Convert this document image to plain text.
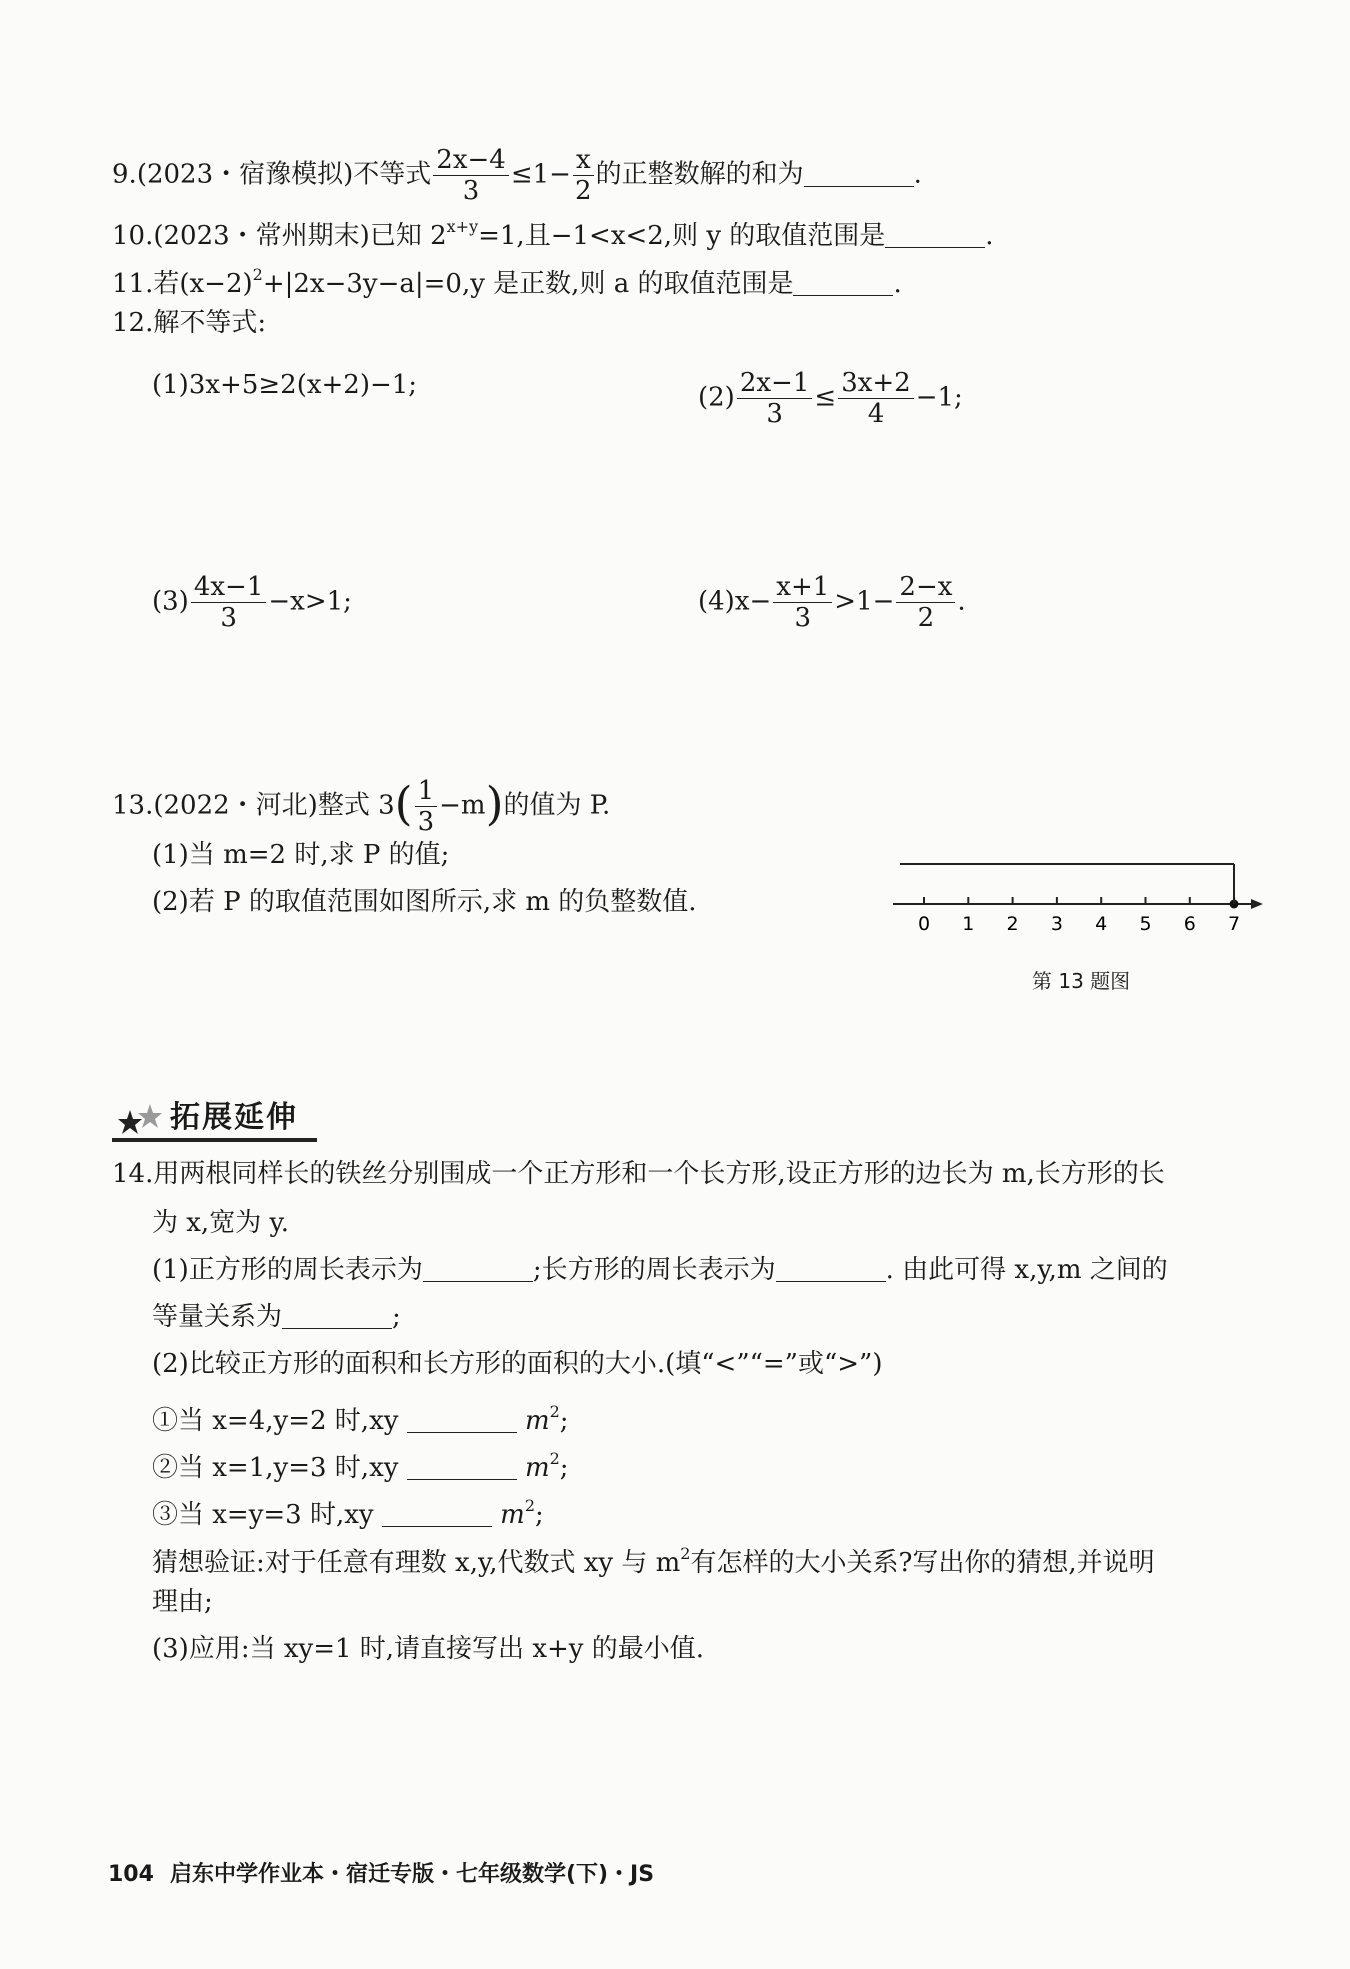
9.(2023・宿豫模拟)不等式 $\frac{2x-4}{3} \le 1- \frac{x}{2}$ 的正整数解的和为	.
10.(2023・常州期末)已知 $2^{x+y}=1$,且−1<x<2,则 y 的取值范围是	.
11.若$(x-2)^2+|2x-3y-a|=0,y$ 是正数,则 a 的取值范围是	.
12.解不等式:
(1)3x+5≥2(x+2)−1;	$(2) \frac{2x-1}{3} \le \frac{3x+2}{4} -1$;
$(3) \frac{4x-1}{3} -x>1$;	$(4)x- \frac{x+1}{3} >1- \frac{2-x}{2}$ .
13.(2022・河北)整式 $3( \frac{1}{3} -m)$的值为 P.
(1)当 m=2 时,求 P 的值;
(2)若 P 的取值范围如图所示,求 m 的负整数值.
0 1 2 3 4 5 6 7
第 13 题图
拓展延伸
14.用两根同样长的铁丝分别围成一个正方形和一个长方形,设正方形的边长为 m,长方形的长
为 x,宽为 y.
(1)正方形的周长表示为	;长方形的周长表示为	. 由此可得 x,y,m 之间的
等量关系为	;
(2)比较正方形的面积和长方形的面积的大小.(填“<”“=”或“>”)
①当 x=4,y=2 时,xy	$m^2$;
②当 x=1,y=3 时,xy	$m^2$;
③当 x=y=3 时,xy	$m^2$;
猜想验证:对于任意有理数 x,y,代数式 xy 与 $m^2$有怎样的大小关系?写出你的猜想,并说明
理由;
(3)应用:当 xy=1 时,请直接写出 x+y 的最小值.
104 启东中学作业本・宿迁专版・七年级数学(下)・JS
